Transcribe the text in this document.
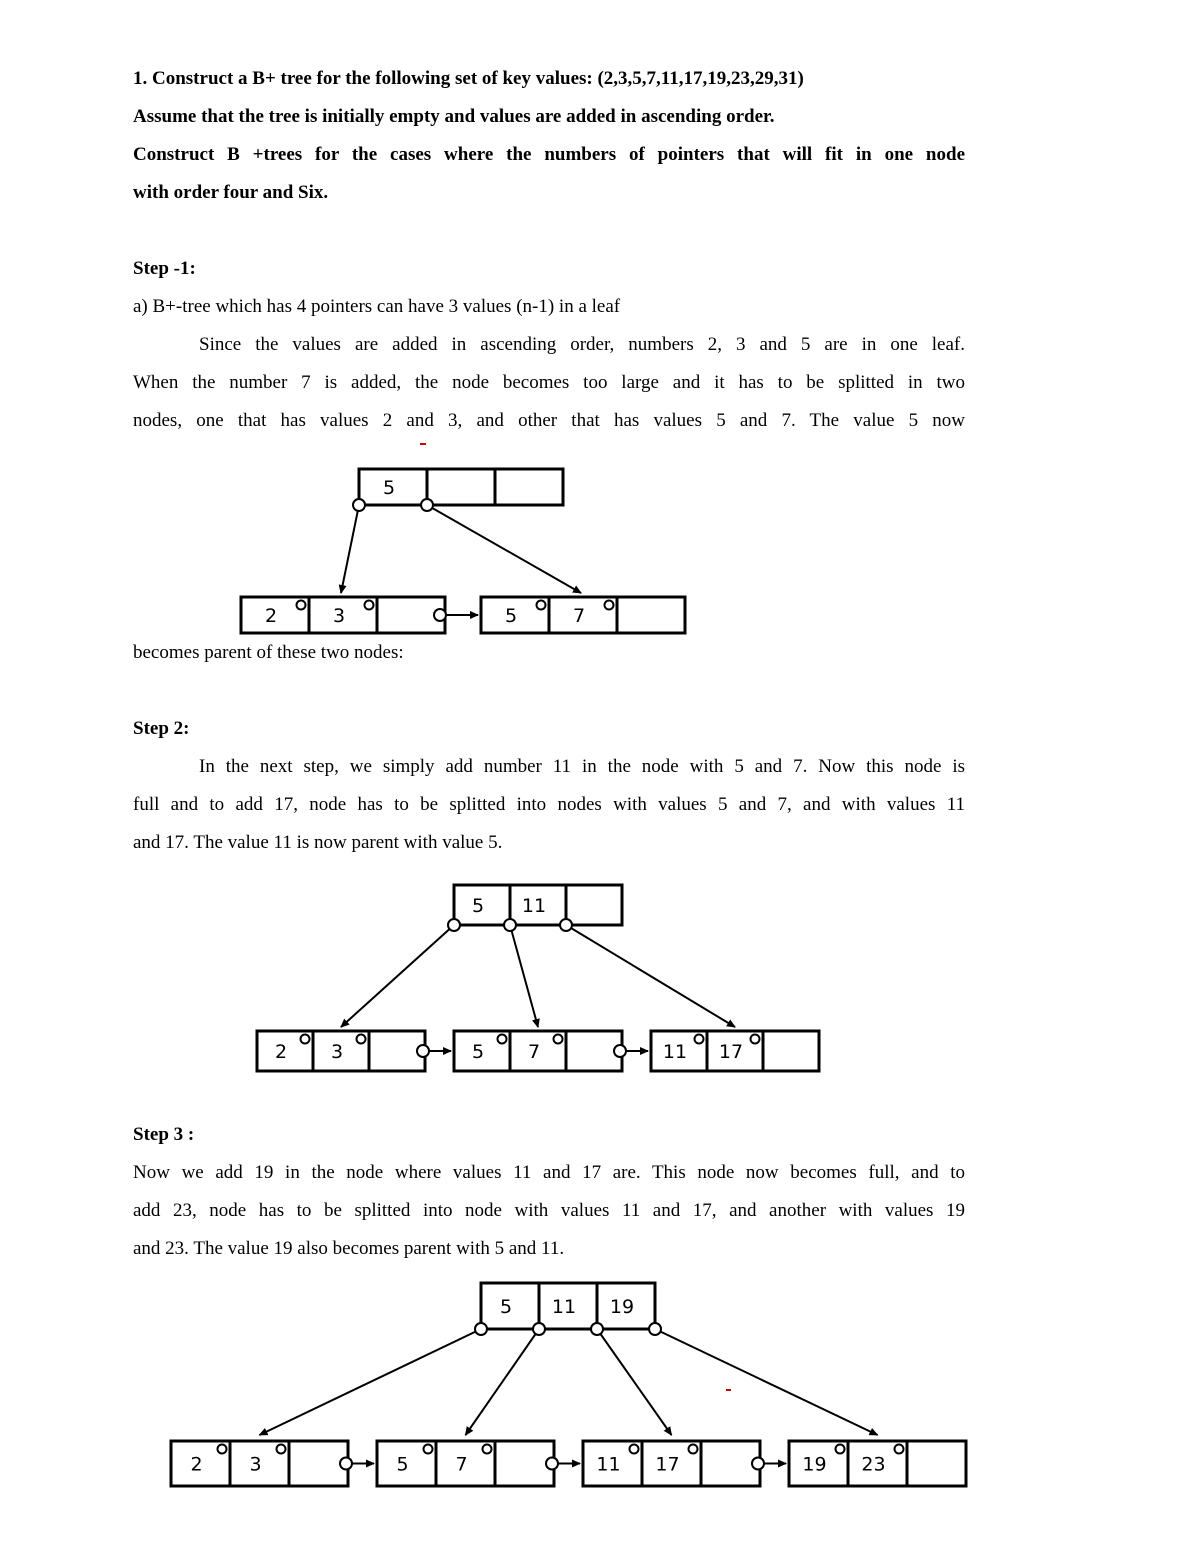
1. Construct a B+ tree for the following set of key values: (2,3,5,7,11,17,19,23,29,31)
Assume that the tree is initially empty and values are added in ascending order.
Construct B +trees for the cases where the numbers of pointers that will fit in one node
with order four and Six.
Step -1:
a) B+-tree which has 4 pointers can have 3 values (n-1) in a leaf
Since the values are added in ascending order, numbers 2, 3 and 5 are in one leaf.
When the number 7 is added, the node becomes too large and it has to be splitted in two
nodes, one that has values 2 and 3, and other that has values 5 and 7. The value 5 now
becomes parent of these two nodes:
Step 2:
In the next step, we simply add number 11 in the node with 5 and 7. Now this node is
full and to add 17, node has to be splitted into nodes with values 5 and 7, and with values 11
and 17. The value 11 is now parent with value 5.
Step 3 :
Now we add 19 in the node where values 11 and 17 are. This node now becomes full, and to
add 23, node has to be splitted into node with values 11 and 17, and another with values 19
and 23. The value 19 also becomes parent with 5 and 11.
5
2	3	5	7
5 11
2 3	5 7	11 17
5 11 19
2 3	5 7	11 17	19 23
